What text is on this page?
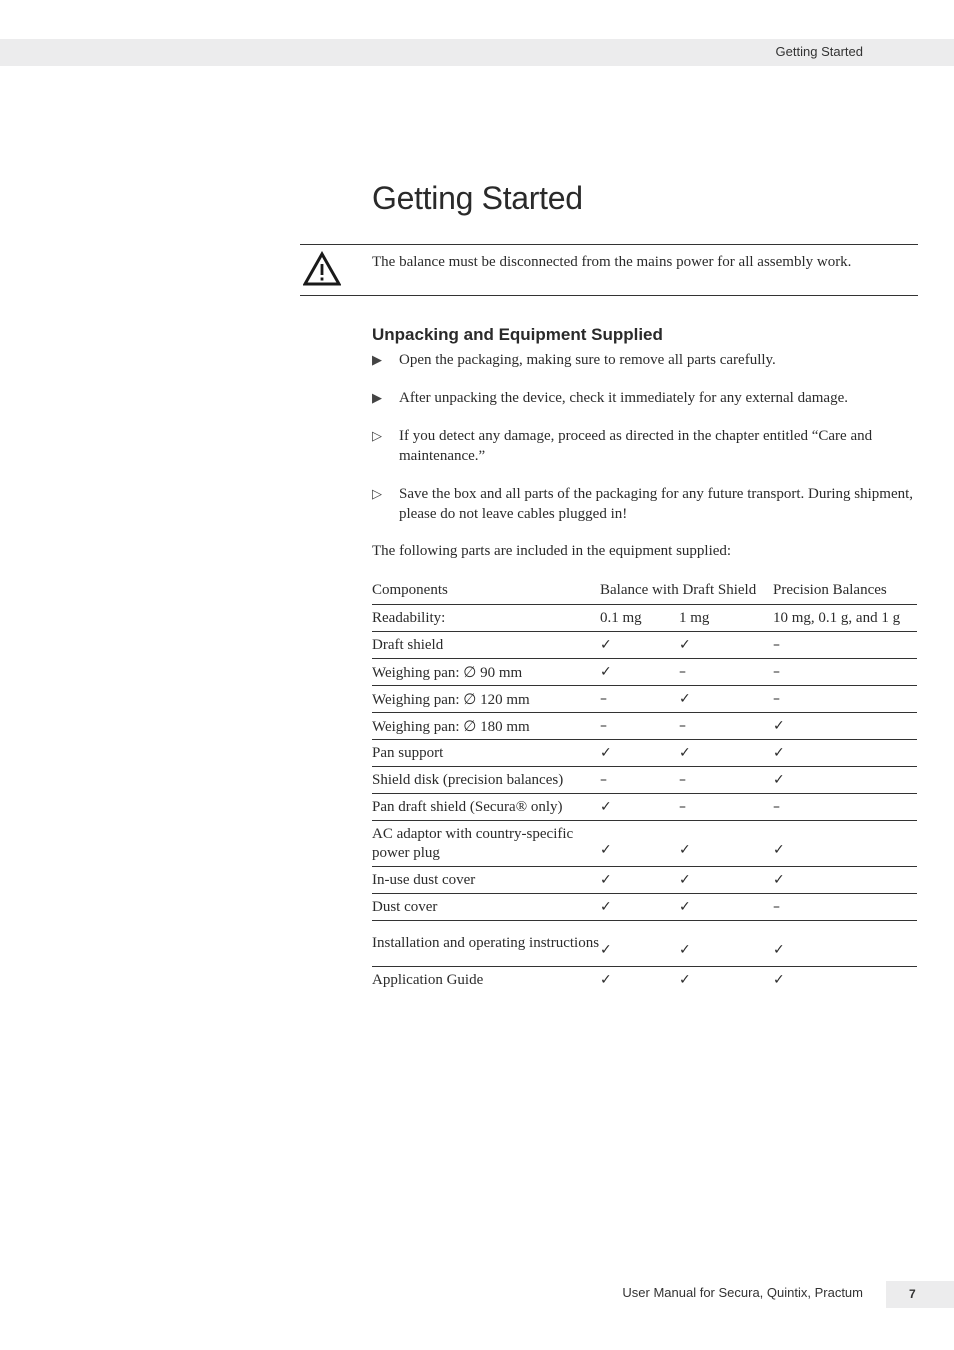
Getting Started
Getting Started
The balance must be disconnected from the mains power for all assembly work.
Unpacking and Equipment Supplied
▶	Open the packaging, making sure to remove all parts carefully.
▶	After unpacking the device, check it immediately for any external damage.
▷	If you detect any damage, proceed as directed in the chapter entitled “Care and maintenance.”
▷	Save the box and all parts of the packaging for any future transport. During shipment, please do not leave cables plugged in!
The following parts are included in the equipment supplied:
Components	Balance with Draft Shield		Precision Balances
Readability:	0.1 mg	1 mg	10 mg, 0.1 g, and 1 g
Draft shield	✓	✓	–
Weighing pan: ∅ 90 mm	✓	–	–
Weighing pan: ∅ 120 mm	–	✓	–
Weighing pan: ∅ 180 mm	–	–	✓
Pan support	✓	✓	✓
Shield disk (precision balances)	–	–	✓
Pan draft shield (Secura® only)	✓	–	–

AC adaptor with country-specific power plug	✓	✓	✓
In-use dust cover	✓	✓	✓
Dust cover	✓	✓	–

Installation and operating instructions	✓	✓	✓
Application Guide	✓	✓	✓
User Manual for Secura, Quintix, Practum	7
